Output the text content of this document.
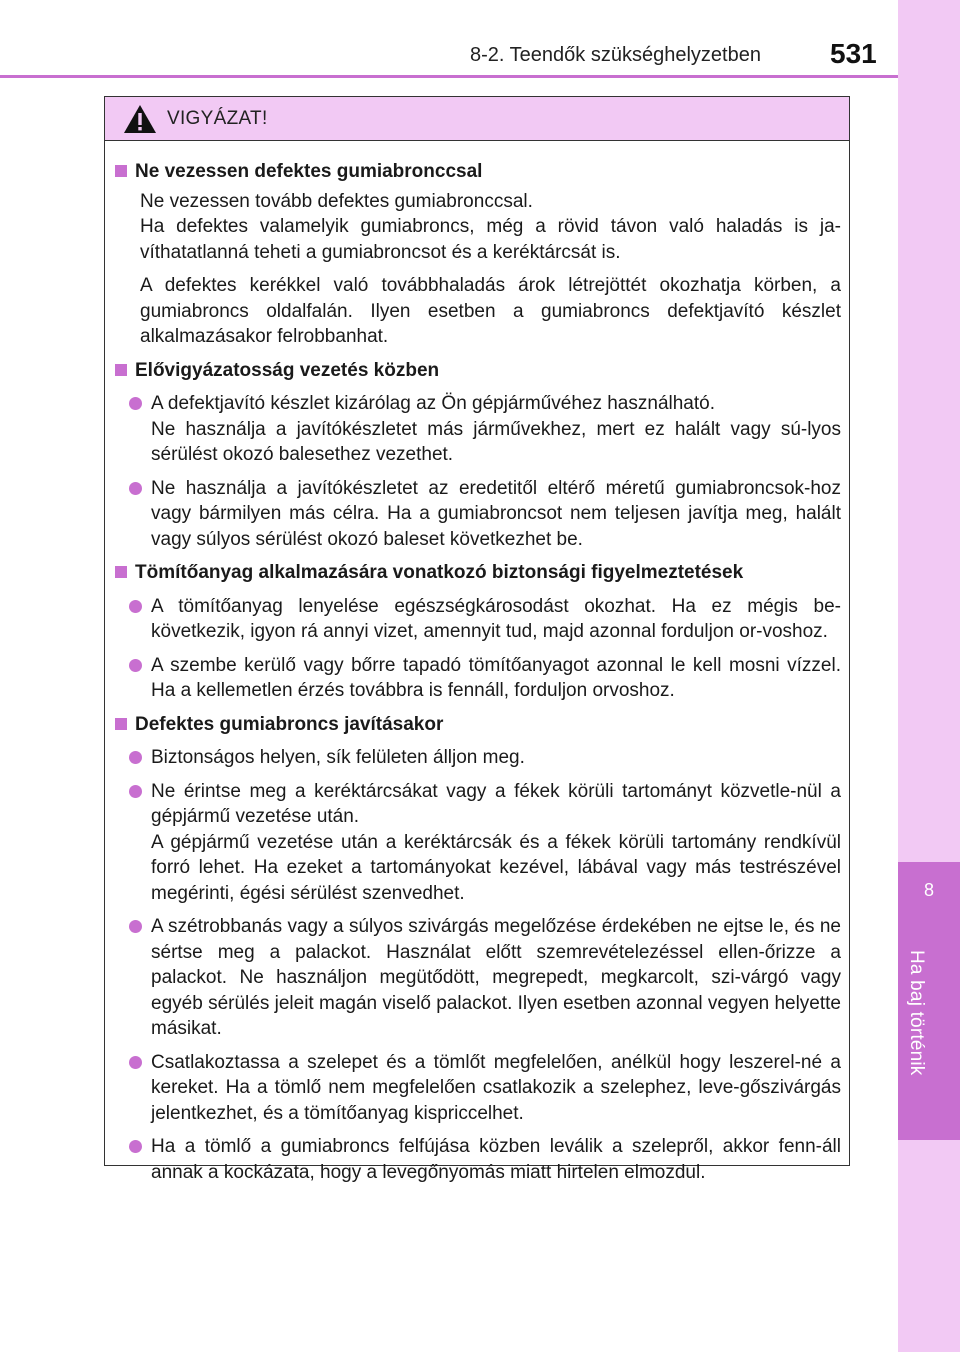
8-2. Teendők szükséghelyzetben 531
8
Ha baj történik
VIGYÁZAT!
Ne vezessen defektes gumiabronccsal
Ne vezessen tovább defektes gumiabronccsal.
Ha defektes valamelyik gumiabroncs, még a rövid távon való haladás is ja-víthatatlanná teheti a gumiabroncsot és a keréktárcsát is.
A defektes kerékkel való továbbhaladás árok létrejöttét okozhatja körben, a gumiabroncs oldalfalán. Ilyen esetben a gumiabroncs defektjavító készlet alkalmazásakor felrobbanhat.
Elővigyázatosság vezetés közben
A defektjavító készlet kizárólag az Ön gépjárművéhez használható.
Ne használja a javítókészletet más járművekhez, mert ez halált vagy sú-lyos sérülést okozó balesethez vezethet.
Ne használja a javítókészletet az eredetitől eltérő méretű gumiabroncsok-hoz vagy bármilyen más célra. Ha a gumiabroncsot nem teljesen javítja meg, halált vagy súlyos sérülést okozó baleset következhet be.
Tömítőanyag alkalmazására vonatkozó biztonsági figyelmeztetések
A tömítőanyag lenyelése egészségkárosodást okozhat. Ha ez mégis be-következik, igyon rá annyi vizet, amennyit tud, majd azonnal forduljon or-voshoz.
A szembe kerülő vagy bőrre tapadó tömítőanyagot azonnal le kell mosni vízzel. Ha a kellemetlen érzés továbbra is fennáll, forduljon orvoshoz.
Defektes gumiabroncs javításakor
Biztonságos helyen, sík felületen álljon meg.
Ne érintse meg a keréktárcsákat vagy a fékek körüli tartományt közvetle-nül a gépjármű vezetése után.
A gépjármű vezetése után a keréktárcsák és a fékek körüli tartomány rendkívül forró lehet. Ha ezeket a tartományokat kezével, lábával vagy más testrészével megérinti, égési sérülést szenvedhet.
A szétrobbanás vagy a súlyos szivárgás megelőzése érdekében ne ejtse le, és ne sértse meg a palackot. Használat előtt szemrevételezéssel ellen-őrizze a palackot. Ne használjon megütődött, megrepedt, megkarcolt, szi-várgó vagy egyéb sérülés jeleit magán viselő palackot. Ilyen esetben azonnal vegyen helyette másikat.
Csatlakoztassa a szelepet és a tömlőt megfelelően, anélkül hogy leszerel-né a kereket. Ha a tömlő nem megfelelően csatlakozik a szelephez, leve-gőszivárgás jelentkezhet, és a tömítőanyag kispriccelhet.
Ha a tömlő a gumiabroncs felfújása közben leválik a szelepről, akkor fenn-áll annak a kockázata, hogy a levegőnyomás miatt hirtelen elmozdul.
